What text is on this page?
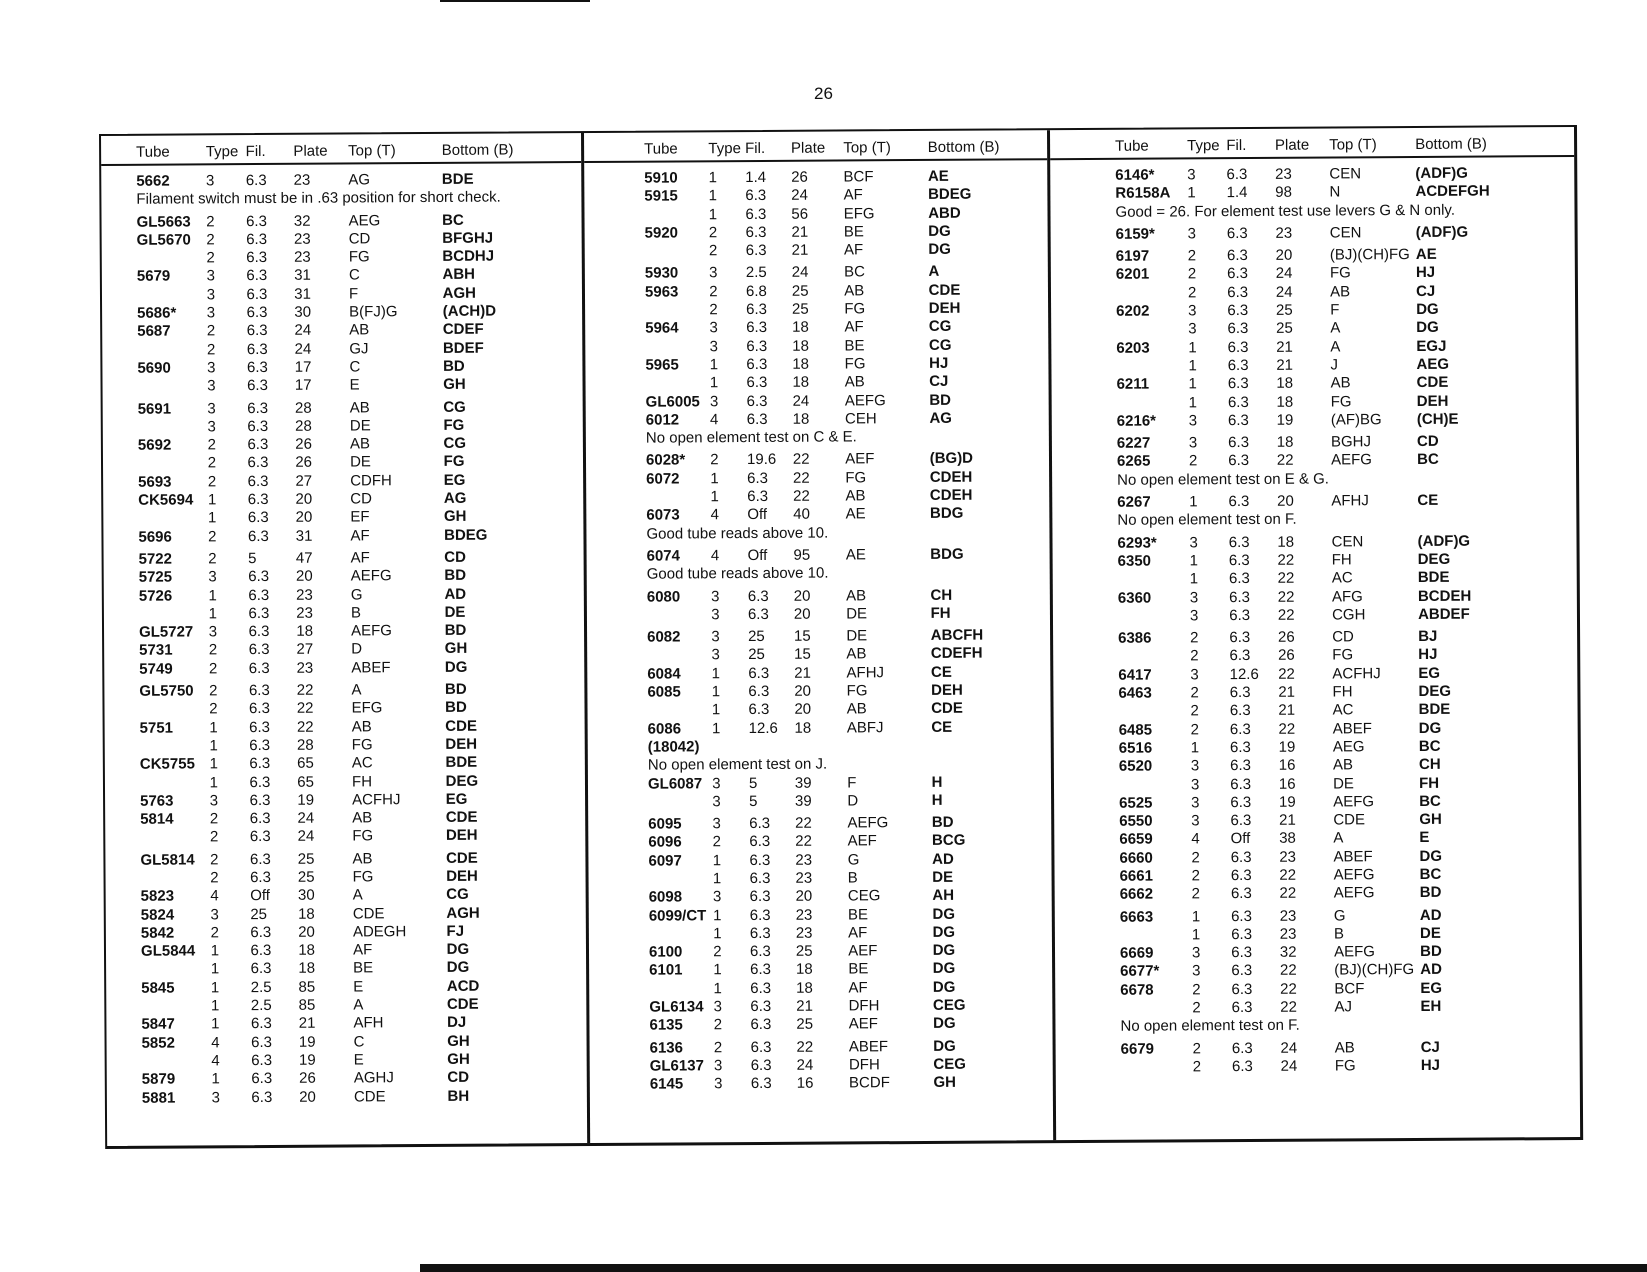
26
Tube	Type Fil.	Plate	Top (T)	Bottom (B)
5662	3	6.3	23	AG	BDE
Filament switch must be in .63 position for short check.
GL5663	2	6.3	32	AEG	BC
GL5670	2	6.3	23	CD	BFGHJ
2	6.3	23	FG	BCDHJ
5679	3	6.3	31	C	ABH
3	6.3	31	F	AGH
5686*	3	6.3	30	B(FJ)G	(ACH)D
5687	2	6.3	24	AB	CDEF
2	6.3	24	GJ	BDEF
5690	3	6.3	17	C	BD
3	6.3	17	E	GH
5691	3	6.3	28	AB	CG
3	6.3	28	DE	FG
5692	2	6.3	26	AB	CG
2	6.3	26	DE	FG
5693	2	6.3	27	CDFH	EG
CK5694 1	6.3	20	CD	AG
1	6.3	20	EF	GH
5696	2	6.3	31	AF	BDEG
5722	2	5	47	AF	CD
5725	3	6.3	20	AEFG	BD
5726	1	6.3	23	G	AD
1	6.3	23	B	DE
GL5727	3	6.3	18	AEFG	BD
5731	2	6.3	27	D	GH
5749	2	6.3	23	ABEF	DG
GL5750	2	6.3	22	A	BD
2	6.3	22	EFG	BD
5751	1	6.3	22	AB	CDE
1	6.3	28	FG	DEH
CK5755 1	6.3	65	AC	BDE
1	6.3	65	FH	DEG
5763	3	6.3	19	ACFHJ	EG
5814	2	6.3	24	AB	CDE
2	6.3	24	FG	DEH
GL5814	2	6.3	25	AB	CDE
2	6.3	25	FG	DEH
5823	4	Off	30	A	CG
5824	3	25	18	CDE	AGH
5842	2	6.3	20	ADEGH	FJ
GL5844	1	6.3	18	AF	DG
1	6.3	18	BE	DG
5845	1	2.5	85	E	ACD
1	2.5	85	A	CDE
5847	1	6.3	21	AFH	DJ
5852	4	6.3	19	C	GH
4	6.3	19	E	GH
5879	1	6.3	26	AGHJ	CD
5881	3	6.3	20	CDE	BH
Tube	Type Fil.	Plate	Top (T)	Bottom (B)
5910	1	1.4	26	BCF	AE
5915	1	6.3	24	AF	BDEG
1	6.3	56	EFG	ABD
5920	2	6.3	21	BE	DG
2	6.3	21	AF	DG
5930	3	2.5	24	BC	A
5963	2	6.8	25	AB	CDE
2	6.3	25	FG	DEH
5964	3	6.3	18	AF	CG
3	6.3	18	BE	CG
5965	1	6.3	18	FG	HJ
1	6.3	18	AB	CJ
GL6005 3	6.3	24	AEFG	BD
6012	4	6.3	18	CEH	AG
No open element test on C & E.
6028*	2	19.6	22	AEF	(BG)D
6072	1	6.3	22	FG	CDEH
1	6.3	22	AB	CDEH
6073	4	Off	40	AE	BDG
Good tube reads above 10.
6074	4	Off	95	AE	BDG
Good tube reads above 10.
6080	3	6.3	20	AB	CH
3	6.3	20	DE	FH
6082	3	25	15	DE	ABCFH
3	25	15	AB	CDEFH
6084	1	6.3	21	AFHJ	CE
6085	1	6.3	20	FG	DEH
1	6.3	20	AB	CDE
6086	1	12.6	18	ABFJ	CE
(18042)
No open element test on J.
GL6087 3	5	39	F	H
3	5	39	D	H
6095	3	6.3	22	AEFG	BD
6096	2	6.3	22	AEF	BCG
6097	1	6.3	23	G	AD
1	6.3	23	B	DE
6098	3	6.3	20	CEG	AH
6099/CT 1	6.3	23	BE	DG
1	6.3	23	AF	DG
6100	2	6.3	25	AEF	DG
6101	1	6.3	18	BE	DG
1	6.3	18	AF	DG
GL6134 3	6.3	21	DFH	CEG
6135	2	6.3	25	AEF	DG
6136	2	6.3	22	ABEF	DG
GL6137 3	6.3	24	DFH	CEG
6145	3	6.3	16	BCDF	GH
Tube	Type Fil.	Plate	Top (T)	Bottom (B)
6146*	3	6.3	23	CEN	(ADF)G
R6158A	1	1.4	98	N	ACDEFGH
Good = 26. For element test use levers G & N only.
6159*	3	6.3	23	CEN	(ADF)G
6197	2	6.3	20	(BJ)(CH)FG AE
6201	2	6.3	24	FG	HJ
2	6.3	24	AB	CJ
6202	3	6.3	25	F	DG
3	6.3	25	A	DG
6203	1	6.3	21	A	EGJ
1	6.3	21	J	AEG
6211	1	6.3	18	AB	CDE
1	6.3	18	FG	DEH
6216*	3	6.3	19	(AF)BG	(CH)E
6227	3	6.3	18	BGHJ	CD
6265	2	6.3	22	AEFG	BC
No open element test on E & G.
6267	1	6.3	20	AFHJ	CE
No open element test on F.
6293*	3	6.3	18	CEN	(ADF)G
6350	1	6.3	22	FH	DEG
1	6.3	22	AC	BDE
6360	3	6.3	22	AFG	BCDEH
3	6.3	22	CGH	ABDEF
6386	2	6.3	26	CD	BJ
2	6.3	26	FG	HJ
6417	3	12.6	22	ACFHJ	EG
6463	2	6.3	21	FH	DEG
2	6.3	21	AC	BDE
6485	2	6.3	22	ABEF	DG
6516	1	6.3	19	AEG	BC
6520	3	6.3	16	AB	CH
3	6.3	16	DE	FH
6525	3	6.3	19	AEFG	BC
6550	3	6.3	21	CDE	GH
6659	4	Off	38	A	E
6660	2	6.3	23	ABEF	DG
6661	2	6.3	22	AEFG	BC
6662	2	6.3	22	AEFG	BD
6663	1	6.3	23	G	AD
1	6.3	23	B	DE
6669	3	6.3	32	AEFG	BD
6677*	3	6.3	22	(BJ)(CH)FG AD
6678	2	6.3	22	BCF	EG
2	6.3	22	AJ	EH
No open element test on F.
6679	2	6.3	24	AB	CJ
2	6.3	24	FG	HJ
